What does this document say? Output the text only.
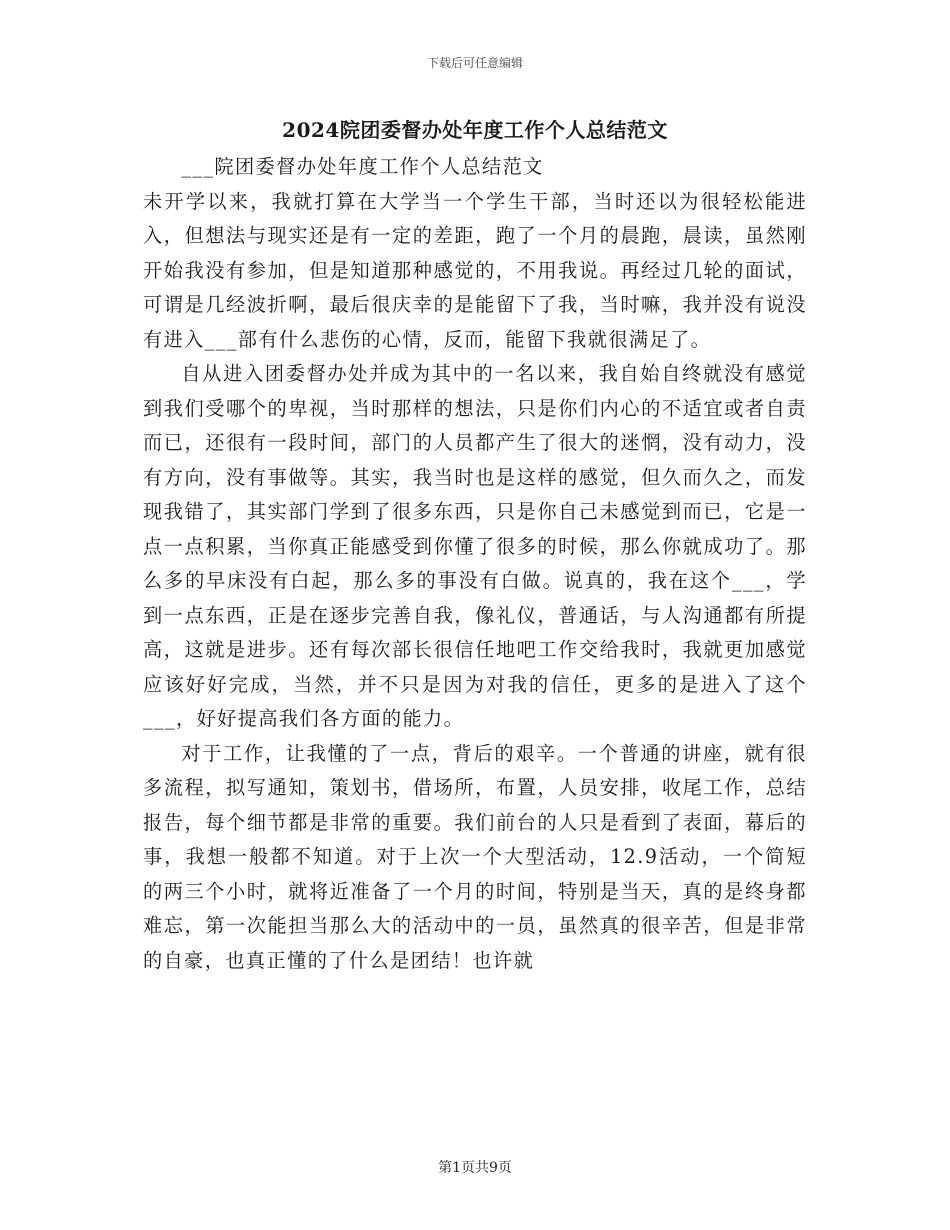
下载后可任意编辑
2024院团委督办处年度工作个人总结范文

___院团委督办处年度工作个人总结范文

未开学以来，我就打算在大学当一个学生干部，当时还以为很轻松能进入，但想法与现实还是有一定的差距，跑了一个月的晨跑，晨读，虽然刚开始我没有参加，但是知道那种感觉的，不用我说。再经过几轮的面试，可谓是几经波折啊，最后很庆幸的是能留下了我，当时嘛，我并没有说没有进入___部有什么悲伤的心情，反而，能留下我就很满足了。

自从进入团委督办处并成为其中的一名以来，我自始自终就没有感觉到我们受哪个的卑视，当时那样的想法，只是你们内心的不适宜或者自责而已，还很有一段时间，部门的人员都产生了很大的迷惘，没有动力，没有方向，没有事做等。其实，我当时也是这样的感觉，但久而久之，而发现我错了，其实部门学到了很多东西，只是你自己未感觉到而已，它是一点一点积累，当你真正能感受到你懂了很多的时候，那么你就成功了。那么多的早床没有白起，那么多的事没有白做。说真的，我在这个___，学到一点东西，正是在逐步完善自我，像礼仪，普通话，与人沟通都有所提高，这就是进步。还有每次部长很信任地吧工作交给我时，我就更加感觉应该好好完成，当然，并不只是因为对我的信任，更多的是进入了这个___，好好提高我们各方面的能力。

对于工作，让我懂的了一点，背后的艰辛。一个普通的讲座，就有很多流程，拟写通知，策划书，借场所，布置，人员安排，收尾工作，总结报告，每个细节都是非常的重要。我们前台的人只是看到了表面，幕后的事，我想一般都不知道。对于上次一个大型活动，12.9活动，一个简短的两三个小时，就将近准备了一个月的时间，特别是当天，真的是终身都难忘，第一次能担当那么大的活动中的一员，虽然真的很辛苦，但是非常的自豪，也真正懂的了什么是团结！也许就

第1页共9页
